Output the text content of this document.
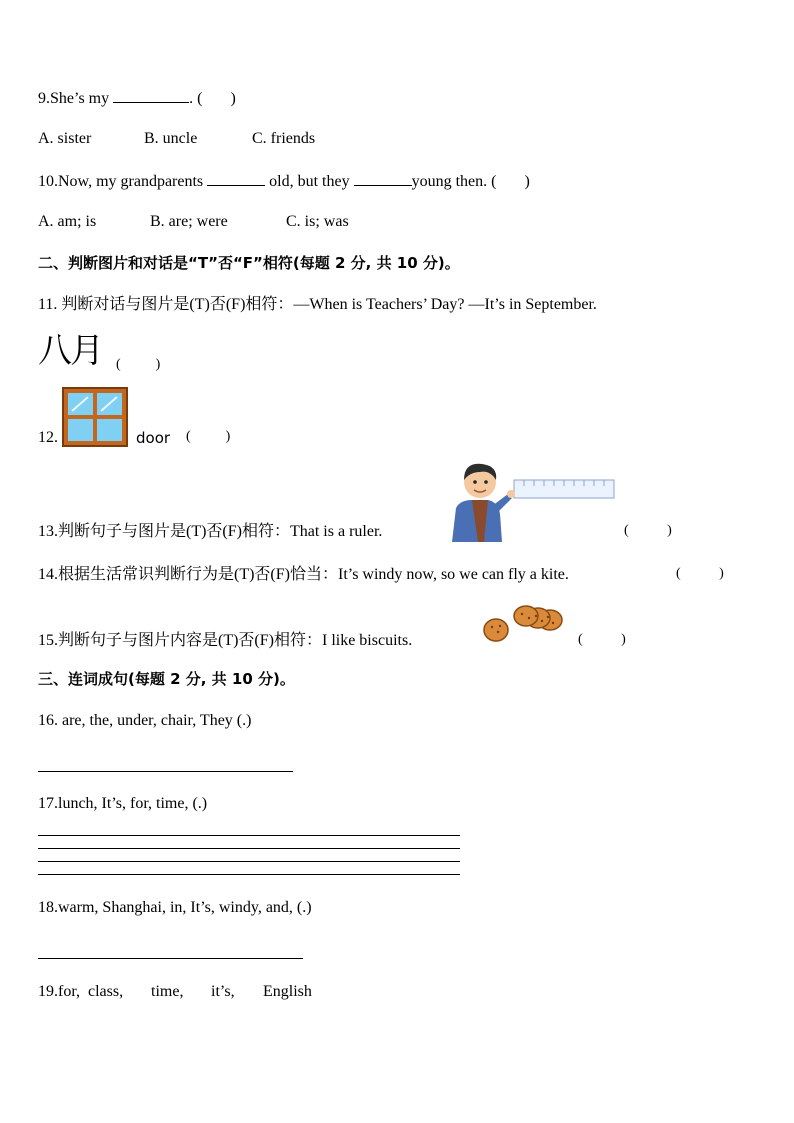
9.She’s my	. ( )
A. sister	B. uncle	C. friends
10.Now, my grandparents	old, but they	young then. ( )
A. am; is	B. are; were	C. is; was
二、判断图片和对话是“T”否“F”相符(每题 2 分, 共 10 分)。
11. 判断对话与图片是(T)否(F)相符：—When is Teachers’ Day? —It’s in September.
八月 (          )
12.	door (          )
13.判断句子与图片是(T)否(F)相符：That is a ruler.	(           )
14.根据生活常识判断行为是(T)否(F)恰当：It’s windy now, so we can fly a kite.	(           )
15.判断句子与图片内容是(T)否(F)相符：I like biscuits.	(           )
三、连词成句(每题 2 分, 共 10 分)。
16. are, the, under, chair, They (.)
17.lunch, It’s, for, time, (.)
18.warm, Shanghai, in, It’s, windy, and, (.)
19.for, class, time, it’s, English
